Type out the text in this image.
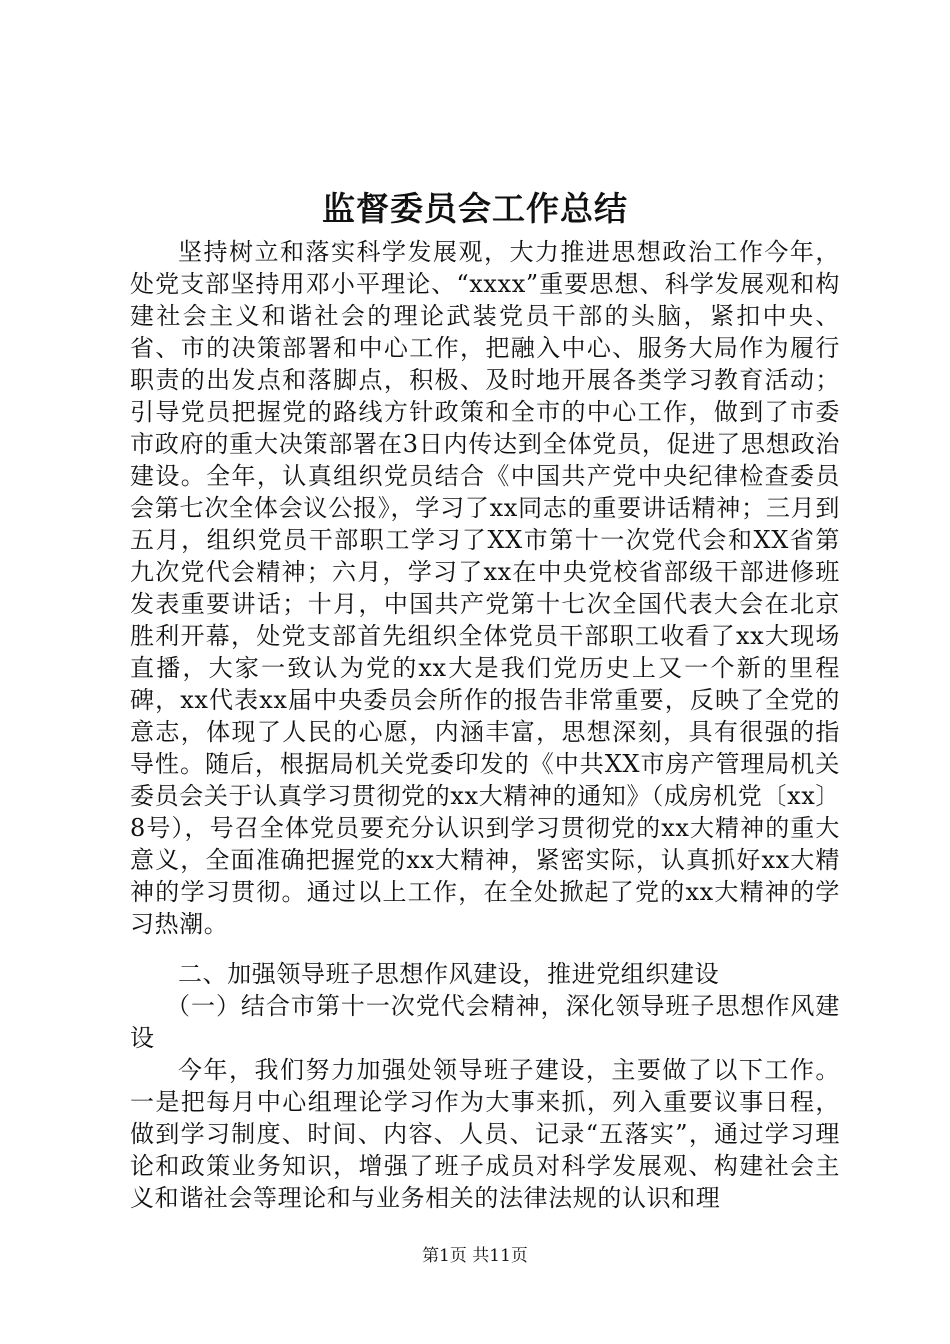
监督委员会工作总结

坚持树立和落实科学发展观，大力推进思想政治工作今年，处党支部坚持用邓小平理论、“xxxx”重要思想、科学发展观和构建社会主义和谐社会的理论武装党员干部的头脑，紧扣中央、省、市的决策部署和中心工作，把融入中心、服务大局作为履行职责的出发点和落脚点，积极、及时地开展各类学习教育活动；引导党员把握党的路线方针政策和全市的中心工作，做到了市委市政府的重大决策部署在3日内传达到全体党员，促进了思想政治建设。全年，认真组织党员结合《中国共产党中央纪律检查委员会第七次全体会议公报》，学习了xx同志的重要讲话精神；三月到五月，组织党员干部职工学习了XX市第十一次党代会和XX省第九次党代会精神；六月，学习了xx在中央党校省部级干部进修班发表重要讲话；十月，中国共产党第十七次全国代表大会在北京胜利开幕，处党支部首先组织全体党员干部职工收看了xx大现场直播，大家一致认为党的xx大是我们党历史上又一个新的里程碑，xx代表xx届中央委员会所作的报告非常重要，反映了全党的意志，体现了人民的心愿，内涵丰富，思想深刻，具有很强的指导性。随后，根据局机关党委印发的《中共XX市房产管理局机关委员会关于认真学习贯彻党的xx大精神的通知》（成房机党〔xx〕8号），号召全体党员要充分认识到学习贯彻党的xx大精神的重大意义，全面准确把握党的xx大精神，紧密实际，认真抓好xx大精神的学习贯彻。通过以上工作，在全处掀起了党的xx大精神的学习热潮。

二、加强领导班子思想作风建设，推进党组织建设

（一）结合市第十一次党代会精神，深化领导班子思想作风建设

今年，我们努力加强处领导班子建设，主要做了以下工作。一是把每月中心组理论学习作为大事来抓，列入重要议事日程，做到学习制度、时间、内容、人员、记录“五落实”，通过学习理论和政策业务知识，增强了班子成员对科学发展观、构建社会主义和谐社会等理论和与业务相关的法律法规的认识和理

第1页 共11页
